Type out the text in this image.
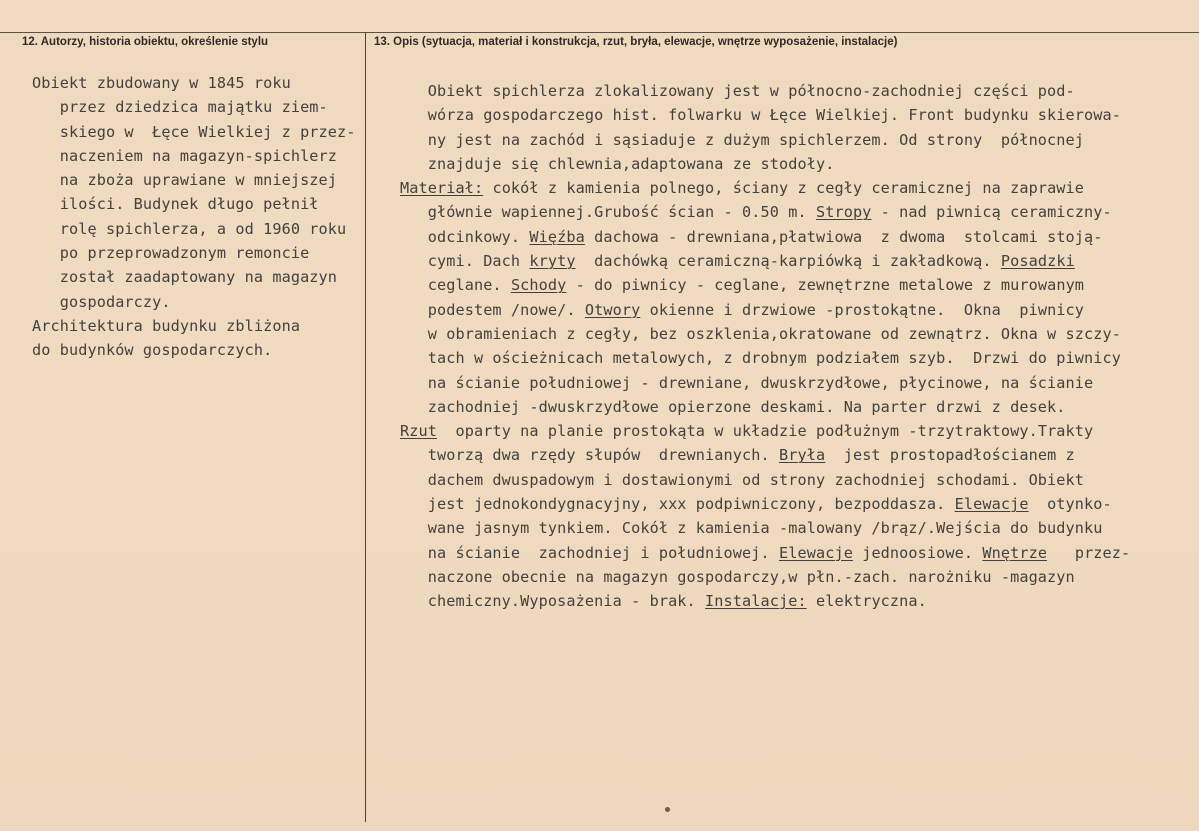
12. Autorzy, historia obiektu, określenie stylu	13. Opis (sytuacja, materiał i konstrukcja, rzut, bryła, elewacje, wnętrze wyposażenie, instalacje)
Obiekt zbudowany w 1845 roku
przez dziedzica majątku ziem-
skiego w  Łęce Wielkiej z przez-
naczeniem na magazyn-spichlerz
na zboża uprawiane w mniejszej
ilości. Budynek długo pełnił
rolę spichlerza, a od 1960 roku
po przeprowadzonym remoncie
został zaadaptowany na magazyn
gospodarczy.
Architektura budynku zbliżona
do budynków gospodarczych.
Obiekt spichlerza zlokalizowany jest w północno-zachodniej części pod-
wórza gospodarczego hist. folwarku w Łęce Wielkiej. Front budynku skierowa-
ny jest na zachód i sąsiaduje z dużym spichlerzem. Od strony  północnej
znajduje się chlewnia,adaptowana ze stodoły.
Materiał: cokół z kamienia polnego, ściany z cegły ceramicznej na zaprawie
głównie wapiennej.Grubość ścian - 0.50 m. Stropy - nad piwnicą ceramiczny-
odcinkowy. Więźba dachowa - drewniana,płatwiowa  z dwoma  stolcami stoją-
cymi. Dach kryty  dachówką ceramiczną-karpiówką i zakładkową. Posadzki
ceglane. Schody - do piwnicy - ceglane, zewnętrzne metalowe z murowanym
podestem /nowe/. Otwory okienne i drzwiowe -prostokątne.  Okna  piwnicy
w obramieniach z cegły, bez oszklenia,okratowane od zewnątrz. Okna w szczy-
tach w ościeżnicach metalowych, z drobnym podziałem szyb.  Drzwi do piwnicy
na ścianie południowej - drewniane, dwuskrzydłowe, płycinowe, na ścianie
zachodniej -dwuskrzydłowe opierzone deskami. Na parter drzwi z desek.
Rzut  oparty na planie prostokąta w układzie podłużnym -trzytraktowy.Trakty
tworzą dwa rzędy słupów  drewnianych. Bryła  jest prostopadłościanem z
dachem dwuspadowym i dostawionymi od strony zachodniej schodami. Obiekt
jest jednokondygnacyjny, xxx podpiwniczony, bezpoddasza. Elewacje  otynko-
wane jasnym tynkiem. Cokół z kamienia -malowany /brąz/.Wejścia do budynku
na ścianie  zachodniej i południowej. Elewacje jednoosiowe. Wnętrze   przez-
naczone obecnie na magazyn gospodarczy,w płn.-zach. narożniku -magazyn
chemiczny.Wyposażenia - brak. Instalacje: elektryczna.
